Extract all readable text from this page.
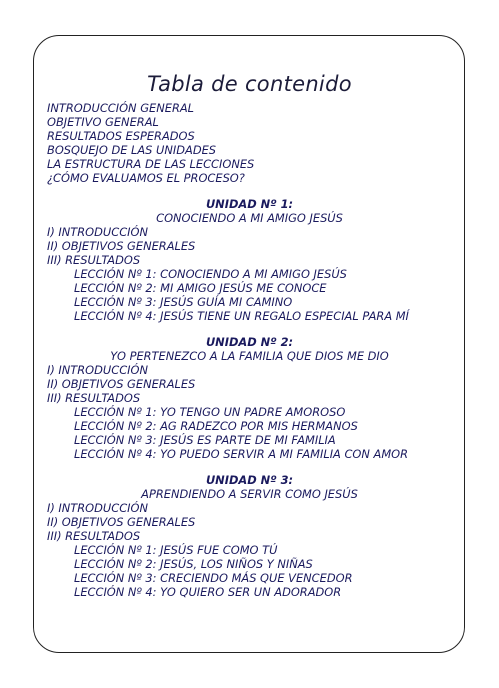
Tabla de contenido
INTRODUCCIÓN GENERAL
OBJETIVO GENERAL
RESULTADOS ESPERADOS
BOSQUEJO DE LAS UNIDADES
LA ESTRUCTURA DE LAS LECCIONES
¿CÓMO EVALUAMOS EL PROCESO?
UNIDAD Nº 1:
CONOCIENDO A MI AMIGO JESÚS
I) INTRODUCCIÓN
II) OBJETIVOS GENERALES
III) RESULTADOS
LECCIÓN Nº 1: CONOCIENDO A MI AMIGO JESÚS
LECCIÓN Nº 2: MI AMIGO JESÚS ME CONOCE
LECCIÓN Nº 3: JESÚS GUÍA MI CAMINO
LECCIÓN Nº 4: JESÚS TIENE UN REGALO ESPECIAL PARA MÍ
UNIDAD Nº 2:
YO PERTENEZCO A LA FAMILIA QUE DIOS ME DIO
I) INTRODUCCIÓN
II) OBJETIVOS GENERALES
III) RESULTADOS
LECCIÓN Nº 1: YO TENGO UN PADRE AMOROSO
LECCIÓN Nº 2: AG RADEZCO POR MIS HERMANOS
LECCIÓN Nº 3: JESÚS ES PARTE DE MI FAMILIA
LECCIÓN Nº 4: YO PUEDO SERVIR A MI FAMILIA CON AMOR
UNIDAD Nº 3:
APRENDIENDO A SERVIR COMO JESÚS
I) INTRODUCCIÓN
II) OBJETIVOS GENERALES
III) RESULTADOS
LECCIÓN Nº 1: JESÚS FUE COMO TÚ
LECCIÓN Nº 2: JESÚS, LOS NIÑOS Y NIÑAS
LECCIÓN Nº 3: CRECIENDO MÁS QUE VENCEDOR
LECCIÓN Nº 4: YO QUIERO SER UN ADORADOR
